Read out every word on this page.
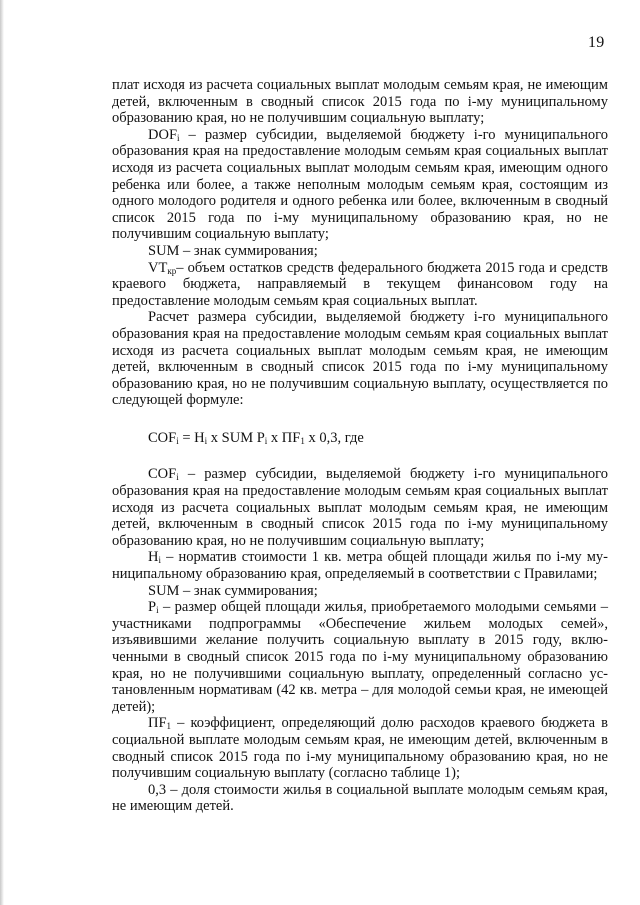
19

плат исходя из расчета социальных выплат молодым семьям края, не имеющим детей, включенным в сводный список 2015 года по i-му муниципальному образованию края, но не получившим социальную выплату;

$DOF_i$ – размер субсидии, выделяемой бюджету i-го муниципального образования края на предоставление молодым семьям края социальных выплат исходя из расчета социальных выплат молодым семьям края, имеющим одного ребенка или более, а также неполным молодым семьям края, состоящим из одного молодого родителя и одного ребенка или более, включенным в сводный список 2015 года по i-му муниципальному образованию края, но не получившим социальную выплату;

SUM – знак суммирования;

$VT_{кр}-$ объем остатков средств федерального бюджета 2015 года и средств краевого бюджета, направляемый в текущем финансовом году на предоставление молодым семьям края социальных выплат.

Расчет размера субсидии, выделяемой бюджету i-го муниципального образования края на предоставление молодым семьям края социальных выплат исходя из расчета социальных выплат молодым семьям края, не имеющим детей, включенным в сводный список 2015 года по i-му муниципальному образованию края, но не получившим социальную выплату, осуществляется по следующей формуле:

$COF_i = H_i$ x SUM $P_i$ x $ПF_1$ x 0,3, где

$COF_i$ – размер субсидии, выделяемой бюджету i-го муниципального образования края на предоставление молодым семьям края социальных выплат исходя из расчета социальных выплат молодым семьям края, не имеющим детей, включенным в сводный список 2015 года по i-му муниципальному образованию края, но не получившим социальную выплату;

$H_i$ – норматив стоимости 1 кв. метра общей площади жилья по i-му муниципальному образованию края, определяемый в соответствии с Правилами;

SUM – знак суммирования;

$P_i$ – размер общей площади жилья, приобретаемого молодыми семьями – участниками подпрограммы «Обеспечение жильем молодых семей», изъявившими желание получить социальную выплату в 2015 году, включенными в сводный список 2015 года по i-му муниципальному образованию края, но не получившими социальную выплату, определенный согласно установленным нормативам (42 кв. метра – для молодой семьи края, не имеющей детей);

$ПF_1$ – коэффициент, определяющий долю расходов краевого бюджета в социальной выплате молодым семьям края, не имеющим детей, включенным в сводный список 2015 года по i-му муниципальному образованию края, но не получившим социальную выплату (согласно таблице 1);

0,3 – доля стоимости жилья в социальной выплате молодым семьям края, не имеющим детей.
